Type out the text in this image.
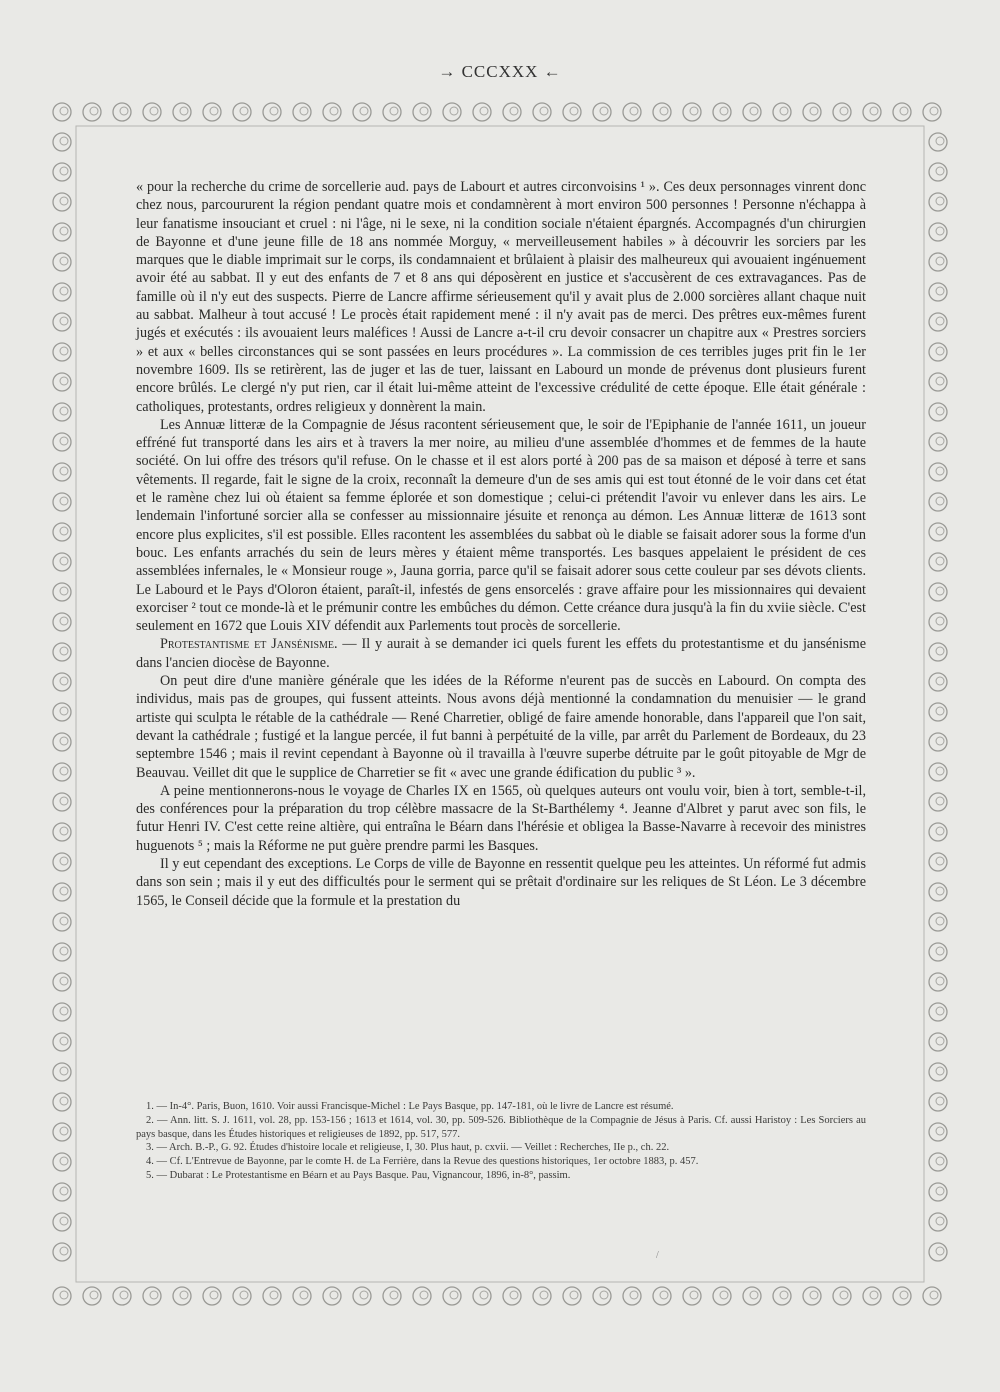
→ CCCXXX ←

« pour la recherche du crime de sorcellerie aud. pays de Labourt et autres circonvoisins ¹ ». Ces deux personnages vinrent donc chez nous, parcoururent la région pendant quatre mois et condamnèrent à mort environ 500 personnes ! Personne n'échappa à leur fanatisme insouciant et cruel : ni l'âge, ni le sexe, ni la condition sociale n'étaient épargnés. Accompagnés d'un chirurgien de Bayonne et d'une jeune fille de 18 ans nommée Morguy, « merveilleusement habiles » à découvrir les sorciers par les marques que le diable imprimait sur le corps, ils condamnaient et brûlaient à plaisir des malheureux qui avouaient ingénuement avoir été au sabbat. Il y eut des enfants de 7 et 8 ans qui déposèrent en justice et s'accusèrent de ces extravagances. Pas de famille où il n'y eut des suspects. Pierre de Lancre affirme sérieusement qu'il y avait plus de 2.000 sorcières allant chaque nuit au sabbat. Malheur à tout accusé ! Le procès était rapidement mené : il n'y avait pas de merci. Des prêtres eux-mêmes furent jugés et exécutés : ils avouaient leurs maléfices ! Aussi de Lancre a-t-il cru devoir consacrer un chapitre aux « Prestres sorciers » et aux « belles circonstances qui se sont passées en leurs procédures ». La commission de ces terribles juges prit fin le 1er novembre 1609. Ils se retirèrent, las de juger et las de tuer, laissant en Labourd un monde de prévenus dont plusieurs furent encore brûlés. Le clergé n'y put rien, car il était lui-même atteint de l'excessive crédulité de cette époque. Elle était générale : catholiques, protestants, ordres religieux y donnèrent la main.

Les Annuæ litteræ de la Compagnie de Jésus racontent sérieusement que, le soir de l'Epiphanie de l'année 1611, un joueur effréné fut transporté dans les airs et à travers la mer noire, au milieu d'une assemblée d'hommes et de femmes de la haute société. On lui offre des trésors qu'il refuse. On le chasse et il est alors porté à 200 pas de sa maison et déposé à terre et sans vêtements. Il regarde, fait le signe de la croix, reconnaît la demeure d'un de ses amis qui est tout étonné de le voir dans cet état et le ramène chez lui où étaient sa femme éplorée et son domestique ; celui-ci prétendit l'avoir vu enlever dans les airs. Le lendemain l'infortuné sorcier alla se confesser au missionnaire jésuite et renonça au démon. Les Annuæ litteræ de 1613 sont encore plus explicites, s'il est possible. Elles racontent les assemblées du sabbat où le diable se faisait adorer sous la forme d'un bouc. Les enfants arrachés du sein de leurs mères y étaient même transportés. Les basques appelaient le président de ces assemblées infernales, le « Monsieur rouge », Jauna gorria, parce qu'il se faisait adorer sous cette couleur par ses dévots clients. Le Labourd et le Pays d'Oloron étaient, paraît-il, infestés de gens ensorcelés : grave affaire pour les missionnaires qui devaient exorciser ² tout ce monde-là et le prémunir contre les embûches du démon. Cette créance dura jusqu'à la fin du xviie siècle. C'est seulement en 1672 que Louis XIV défendit aux Parlements tout procès de sorcellerie.

Protestantisme et Jansénisme. — Il y aurait à se demander ici quels furent les effets du protestantisme et du jansénisme dans l'ancien diocèse de Bayonne.

On peut dire d'une manière générale que les idées de la Réforme n'eurent pas de succès en Labourd. On compta des individus, mais pas de groupes, qui fussent atteints. Nous avons déjà mentionné la condamnation du menuisier — le grand artiste qui sculpta le rétable de la cathédrale — René Charretier, obligé de faire amende honorable, dans l'appareil que l'on sait, devant la cathédrale ; fustigé et la langue percée, il fut banni à perpétuité de la ville, par arrêt du Parlement de Bordeaux, du 23 septembre 1546 ; mais il revint cependant à Bayonne où il travailla à l'œuvre superbe détruite par le goût pitoyable de Mgr de Beauvau. Veillet dit que le supplice de Charretier se fit « avec une grande édification du public ³ ».

A peine mentionnerons-nous le voyage de Charles IX en 1565, où quelques auteurs ont voulu voir, bien à tort, semble-t-il, des conférences pour la préparation du trop célèbre massacre de la St-Barthélemy ⁴. Jeanne d'Albret y parut avec son fils, le futur Henri IV. C'est cette reine altière, qui entraîna le Béarn dans l'hérésie et obligea la Basse-Navarre à recevoir des ministres huguenots ⁵ ; mais la Réforme ne put guère prendre parmi les Basques.

Il y eut cependant des exceptions. Le Corps de ville de Bayonne en ressentit quelque peu les atteintes. Un réformé fut admis dans son sein ; mais il y eut des difficultés pour le serment qui se prêtait d'ordinaire sur les reliques de St Léon. Le 3 décembre 1565, le Conseil décide que la formule et la prestation du

1. — In-4°. Paris, Buon, 1610. Voir aussi Francisque-Michel : Le Pays Basque, pp. 147-181, où le livre de Lancre est résumé.

2. — Ann. litt. S. J. 1611, vol. 28, pp. 153-156 ; 1613 et 1614, vol. 30, pp. 509-526. Bibliothèque de la Compagnie de Jésus à Paris. Cf. aussi Haristoy : Les Sorciers au pays basque, dans les Études historiques et religieuses de 1892, pp. 517, 577.

3. — Arch. B.-P., G. 92. Études d'histoire locale et religieuse, I, 30. Plus haut, p. cxvii. — Veillet : Recherches, IIe p., ch. 22.

4. — Cf. L'Entrevue de Bayonne, par le comte H. de La Ferrière, dans la Revue des questions historiques, 1er octobre 1883, p. 457.

5. — Dubarat : Le Protestantisme en Béarn et au Pays Basque. Pau, Vignancour, 1896, in-8°, passim.

/
